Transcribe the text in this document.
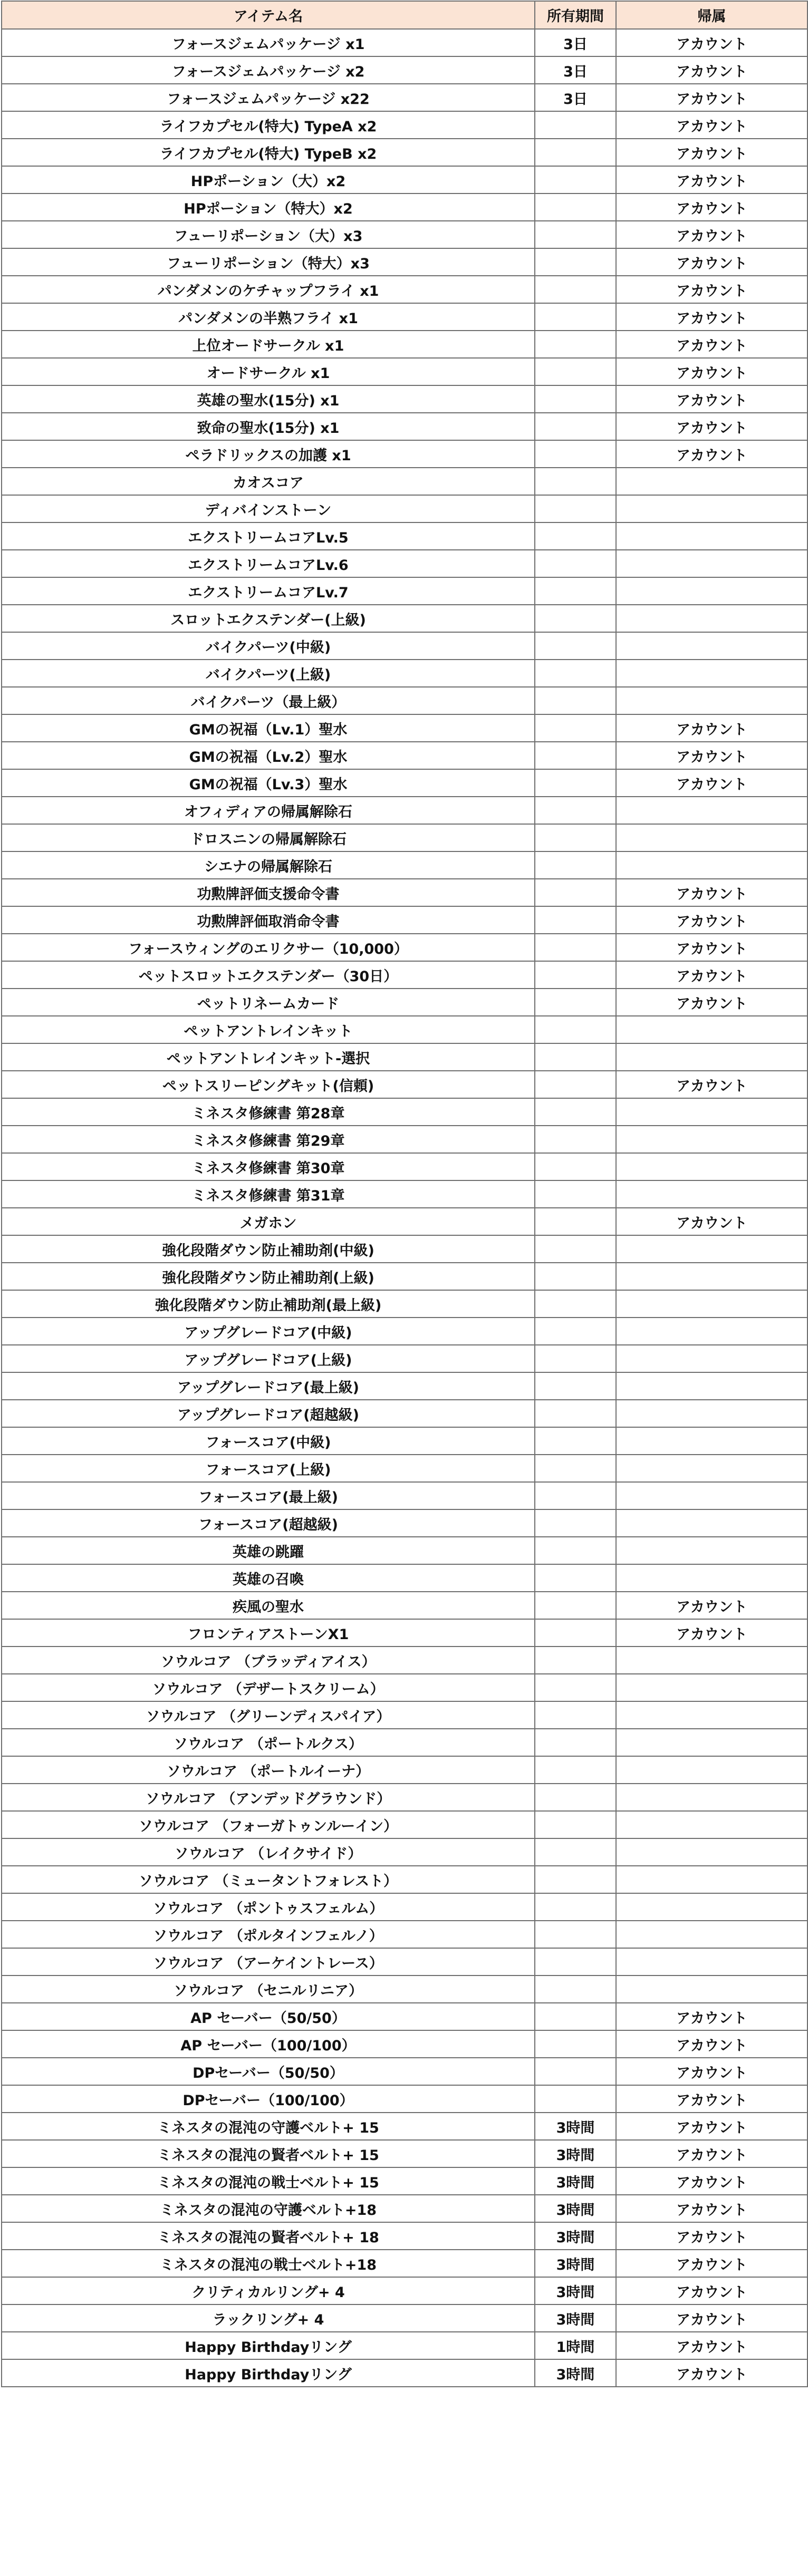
アイテム名	所有期間	帰属
フォースジェムパッケージ x1	3日	アカウント
フォースジェムパッケージ x2	3日	アカウント
フォースジェムパッケージ x22	3日	アカウント
ライフカプセル(特大) TypeA x2		アカウント
ライフカプセル(特大) TypeB x2		アカウント
HPポーション（大）x2		アカウント
HPポーション（特大）x2		アカウント
フューリポーション（大）x3		アカウント
フューリポーション（特大）x3		アカウント
パンダメンのケチャップフライ x1		アカウント
パンダメンの半熟フライ x1		アカウント
上位オードサークル x1		アカウント
オードサークル x1		アカウント
英雄の聖水(15分) x1		アカウント
致命の聖水(15分) x1		アカウント
ペラドリックスの加護 x1		アカウント
カオスコア		
ディバインストーン		
エクストリームコアLv.5		
エクストリームコアLv.6		
エクストリームコアLv.7		
スロットエクステンダー(上級)		
バイクパーツ(中級)		
バイクパーツ(上級)		
バイクパーツ（最上級）		
GMの祝福（Lv.1）聖水		アカウント
GMの祝福（Lv.2）聖水		アカウント
GMの祝福（Lv.3）聖水		アカウント
オフィディアの帰属解除石		
ドロスニンの帰属解除石		
シエナの帰属解除石		
功勲牌評価支援命令書		アカウント
功勲牌評価取消命令書		アカウント
フォースウィングのエリクサー（10,000）		アカウント
ペットスロットエクステンダー（30日）		アカウント
ペットリネームカード		アカウント
ペットアントレインキット		
ペットアントレインキット-選択		
ペットスリーピングキット(信頼)		アカウント
ミネスタ修練書 第28章		
ミネスタ修練書 第29章		
ミネスタ修練書 第30章		
ミネスタ修練書 第31章		
メガホン		アカウント
強化段階ダウン防止補助剤(中級)		
強化段階ダウン防止補助剤(上級)		
強化段階ダウン防止補助剤(最上級)		
アップグレードコア(中級)		
アップグレードコア(上級)		
アップグレードコア(最上級)		
アップグレードコア(超越級)		
フォースコア(中級)		
フォースコア(上級)		
フォースコア(最上級)		
フォースコア(超越級)		
英雄の跳躍		
英雄の召喚		
疾風の聖水		アカウント
フロンティアストーンX1		アカウント
ソウルコア （ブラッディアイス）		
ソウルコア （デザートスクリーム）		
ソウルコア （グリーンディスパイア）		
ソウルコア （ポートルクス）		
ソウルコア （ポートルイーナ）		
ソウルコア （アンデッドグラウンド）		
ソウルコア （フォーガトゥンルーイン）		
ソウルコア （レイクサイド）		
ソウルコア （ミュータントフォレスト）		
ソウルコア （ポントゥスフェルム）		
ソウルコア （ポルタインフェルノ）		
ソウルコア （アーケイントレース）		
ソウルコア （セニルリニア）		
AP セーバー（50/50）		アカウント
AP セーバー（100/100）		アカウント
DPセーバー（50/50）		アカウント
DPセーバー（100/100）		アカウント
ミネスタの混沌の守護ベルト+ 15	3時間	アカウント
ミネスタの混沌の賢者ベルト+ 15	3時間	アカウント
ミネスタの混沌の戦士ベルト+ 15	3時間	アカウント
ミネスタの混沌の守護ベルト+18	3時間	アカウント
ミネスタの混沌の賢者ベルト+ 18	3時間	アカウント
ミネスタの混沌の戦士ベルト+18	3時間	アカウント
クリティカルリング+ 4	3時間	アカウント
ラックリング+ 4	3時間	アカウント
Happy Birthdayリング	1時間	アカウント
Happy Birthdayリング	3時間	アカウント
